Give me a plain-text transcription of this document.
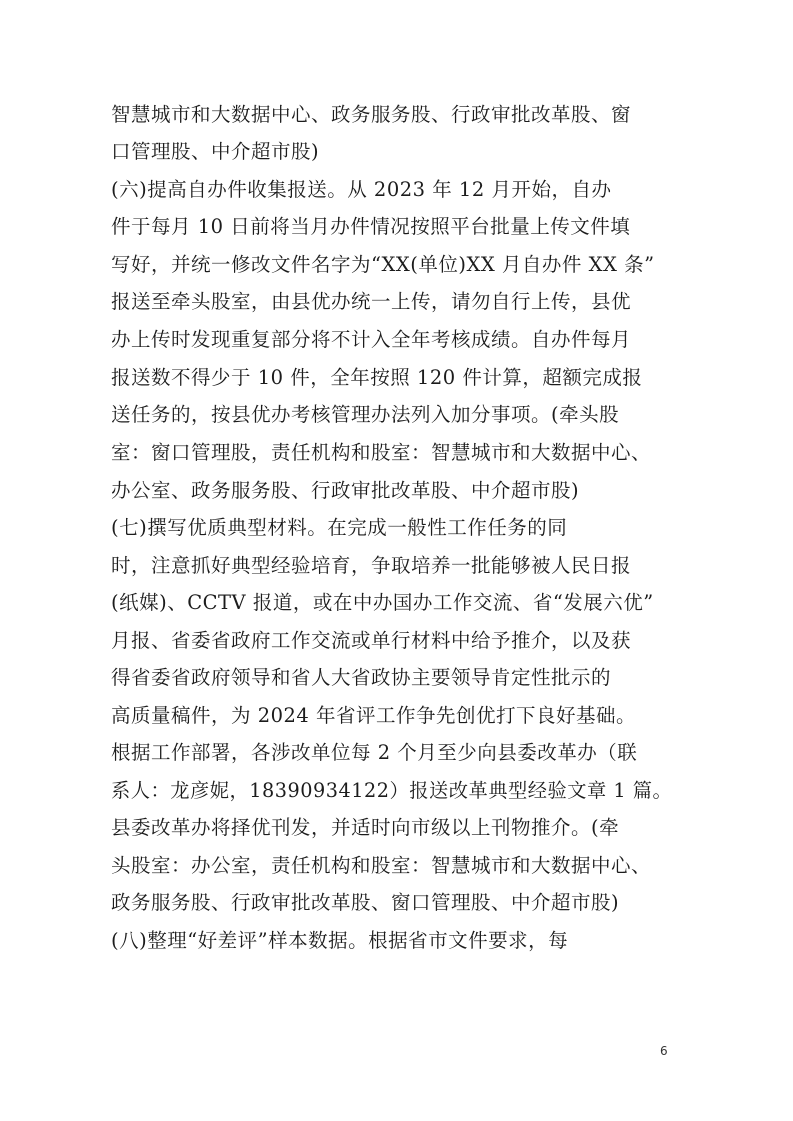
智慧城市和大数据中心、政务服务股、行政审批改革股、窗
口管理股、中介超市股)
(六)提高自办件收集报送。从 2023 年 12 月开始，自办
件于每月 10 日前将当月办件情况按照平台批量上传文件填
写好，并统一修改文件名字为“XX(单位)XX 月自办件 XX 条”
报送至牵头股室，由县优办统一上传，请勿自行上传，县优
办上传时发现重复部分将不计入全年考核成绩。自办件每月
报送数不得少于 10 件，全年按照 120 件计算，超额完成报
送任务的，按县优办考核管理办法列入加分事项。(牵头股
室：窗口管理股，责任机构和股室：智慧城市和大数据中心、
办公室、政务服务股、行政审批改革股、中介超市股)
(七)撰写优质典型材料。在完成一般性工作任务的同
时，注意抓好典型经验培育，争取培养一批能够被人民日报
(纸媒)、CCTV 报道，或在中办国办工作交流、省“发展六优”
月报、省委省政府工作交流或单行材料中给予推介，以及获
得省委省政府领导和省人大省政协主要领导肯定性批示的
高质量稿件，为 2024 年省评工作争先创优打下良好基础。
根据工作部署，各涉改单位每 2 个月至少向县委改革办（联
系人：龙彦妮，18390934122）报送改革典型经验文章 1 篇。
县委改革办将择优刊发，并适时向市级以上刊物推介。(牵
头股室：办公室，责任机构和股室：智慧城市和大数据中心、
政务服务股、行政审批改革股、窗口管理股、中介超市股)
(八)整理“好差评”样本数据。根据省市文件要求，每
6
